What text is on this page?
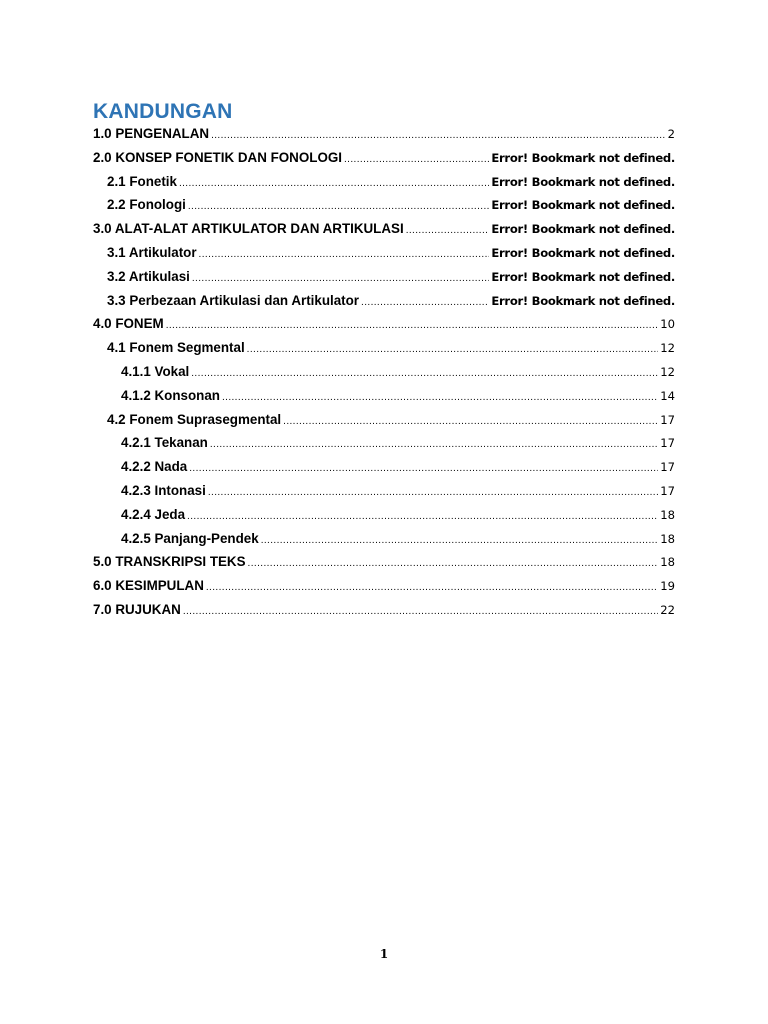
KANDUNGAN
1.0 PENGENALAN .....	2
2.0 KONSEP FONETIK DAN FONOLOGI .....	Error! Bookmark not defined.
2.1 Fonetik .....	Error! Bookmark not defined.
2.2 Fonologi .....	Error! Bookmark not defined.
3.0 ALAT-ALAT ARTIKULATOR DAN ARTIKULASI .....	Error! Bookmark not defined.
3.1 Artikulator .....	Error! Bookmark not defined.
3.2 Artikulasi .....	Error! Bookmark not defined.
3.3 Perbezaan Artikulasi dan Artikulator .....	Error! Bookmark not defined.
4.0 FONEM .....	10
4.1 Fonem Segmental .....	12
4.1.1 Vokal .....	12
4.1.2 Konsonan .....	14
4.2 Fonem Suprasegmental .....	17
4.2.1 Tekanan .....	17
4.2.2 Nada .....	17
4.2.3 Intonasi .....	17
4.2.4 Jeda .....	18
4.2.5 Panjang-Pendek .....	18
5.0 TRANSKRIPSI TEKS .....	18
6.0 KESIMPULAN .....	19
7.0 RUJUKAN .....	22
1
